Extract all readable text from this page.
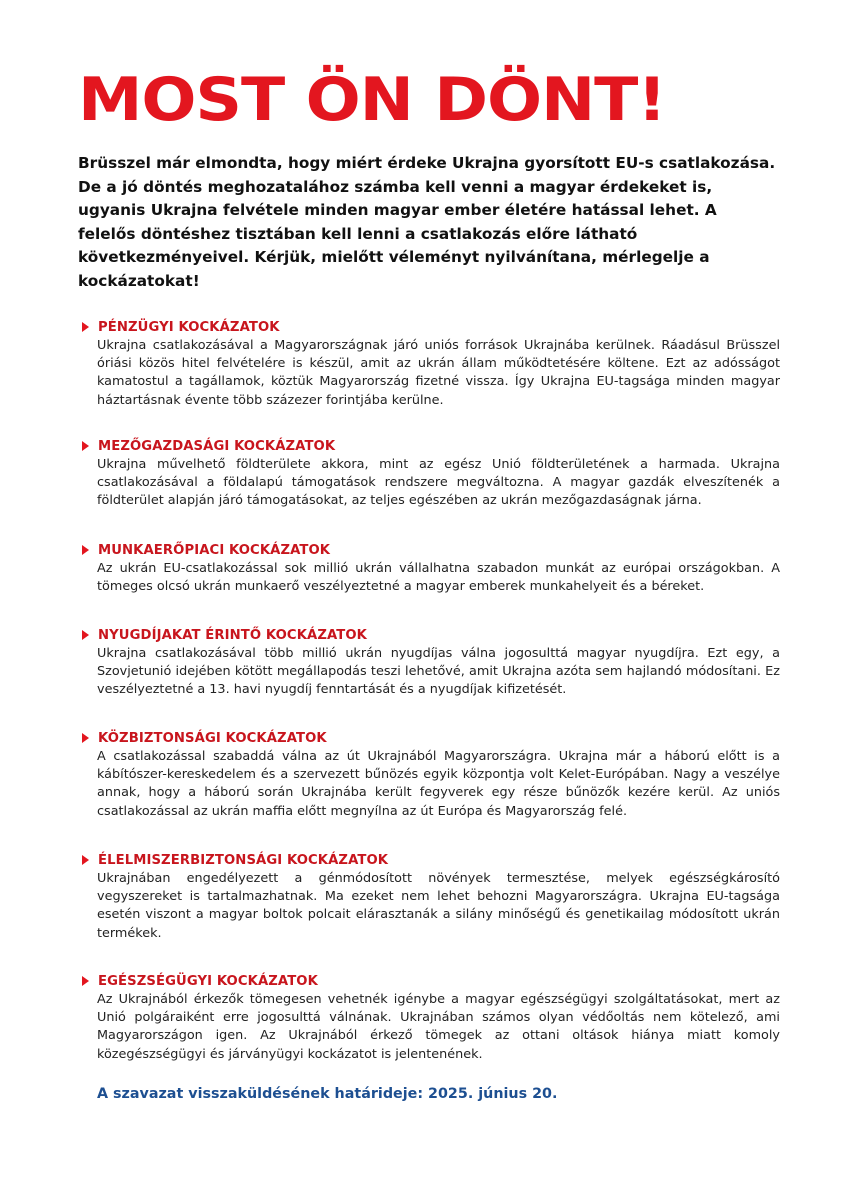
MOST ÖN DÖNT!

Brüsszel már elmondta, hogy miért érdeke Ukrajna gyorsított EU-s csatlakozása. De a jó döntés meghozatalához számba kell venni a magyar érdekeket is, ugyanis Ukrajna felvétele minden magyar ember életére hatással lehet. A felelős döntéshez tisztában kell lenni a csatlakozás előre látható következményeivel. Kérjük, mielőtt véleményt nyilvánítana, mérlegelje a kockázatokat!

PÉNZÜGYI KOCKÁZATOK
Ukrajna csatlakozásával a Magyarországnak járó uniós források Ukrajnába kerülnek. Ráadásul Brüsszel óriási közös hitel felvételére is készül, amit az ukrán állam működtetésére költene. Ezt az adósságot kamatostul a tagállamok, köztük Magyarország fizetné vissza. Így Ukrajna EU-tagsága minden magyar háztartásnak évente több százezer forintjába kerülne.
MEZŐGAZDASÁGI KOCKÁZATOK
Ukrajna művelhető földterülete akkora, mint az egész Unió földterületének a harmada. Ukrajna csatlakozásával a földalapú támogatások rendszere megváltozna. A magyar gazdák elveszítenék a földterület alapján járó támogatásokat, az teljes egészében az ukrán mezőgazdaságnak járna.
MUNKAERŐPIACI KOCKÁZATOK
Az ukrán EU-csatlakozással sok millió ukrán vállalhatna szabadon munkát az európai országokban. A tömeges olcsó ukrán munkaerő veszélyeztetné a magyar emberek munkahelyeit és a béreket.
NYUGDÍJAKAT ÉRINTŐ KOCKÁZATOK
Ukrajna csatlakozásával több millió ukrán nyugdíjas válna jogosulttá magyar nyugdíjra. Ezt egy, a Szovjetunió idejében kötött megállapodás teszi lehetővé, amit Ukrajna azóta sem hajlandó módosítani. Ez veszélyeztetné a 13. havi nyugdíj fenntartását és a nyugdíjak kifizetését.
KÖZBIZTONSÁGI KOCKÁZATOK
A csatlakozással szabaddá válna az út Ukrajnából Magyarországra. Ukrajna már a háború előtt is a kábítószer-kereskedelem és a szervezett bűnözés egyik központja volt Kelet-Európában. Nagy a veszélye annak, hogy a háború során Ukrajnába került fegyverek egy része bűnözők kezére kerül. Az uniós csatlakozással az ukrán maffia előtt megnyílna az út Európa és Magyarország felé.
ÉLELMISZERBIZTONSÁGI KOCKÁZATOK
Ukrajnában engedélyezett a génmódosított növények termesztése, melyek egészségkárosító vegyszereket is tartalmazhatnak. Ma ezeket nem lehet behozni Magyarországra. Ukrajna EU-tagsága esetén viszont a magyar boltok polcait elárasztanák a silány minőségű és genetikailag módosított ukrán termékek.
EGÉSZSÉGÜGYI KOCKÁZATOK
Az Ukrajnából érkezők tömegesen vehetnék igénybe a magyar egészségügyi szolgáltatásokat, mert az Unió polgáraiként erre jogosulttá válnának. Ukrajnában számos olyan védőoltás nem kötelező, ami Magyarországon igen. Az Ukrajnából érkező tömegek az ottani oltások hiánya miatt komoly közegészségügyi és járványügyi kockázatot is jelentenének.

A szavazat visszaküldésének határideje: 2025. június 20.
